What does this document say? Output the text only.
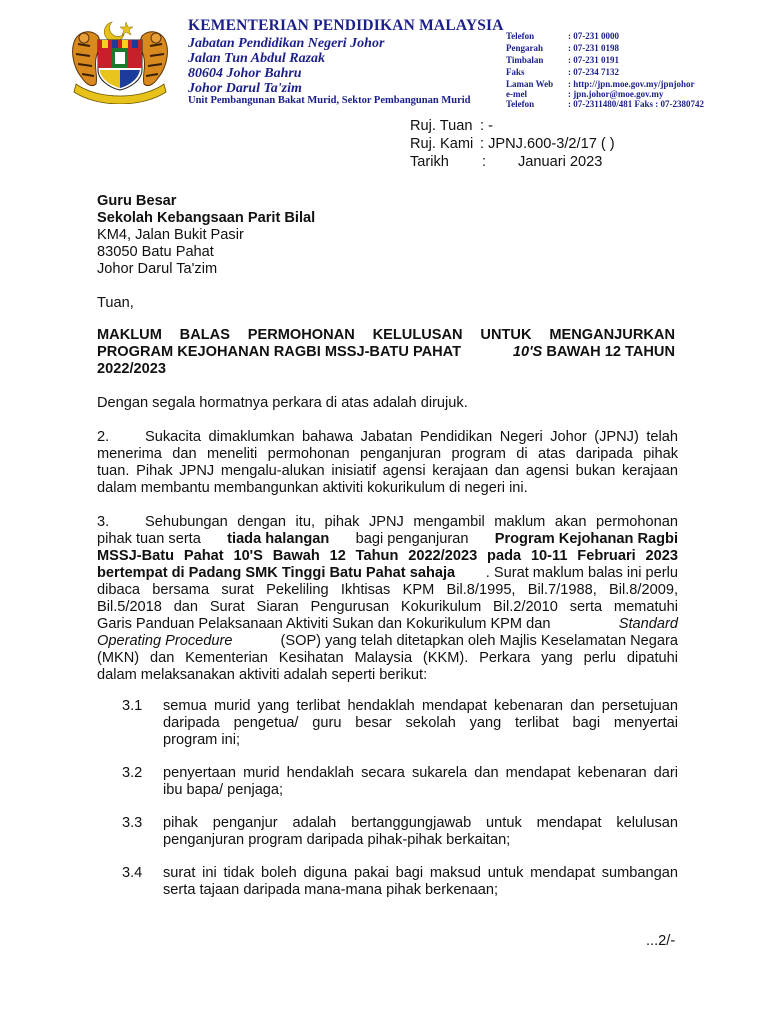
KEMENTERIAN PENDIDIKAN MALAYSIA
Jabatan Pendidikan Negeri Johor
Jalan Tun Abdul Razak
80604 Johor Bahru
Johor Darul Ta'zim
Unit Pembangunan Bakat Murid, Sektor Pembangunan Murid
Telefon	: 07-231 0000
Pengarah	: 07-231 0198
Timbalan	: 07-231 0191
Faks	: 07-234 7132
Laman Web : http://jpn.moe.gov.my/jpnjohor
e-mel	: jpn.johor@moe.gov.my
Telefon	: 07-2311480/481 Faks : 07-2380742
Ruj. Tuan : -
Ruj. Kami : JPNJ.600-3/2/17 ( )
Tarikh : Januari 2023
Guru Besar
Sekolah Kebangsaan Parit Bilal
KM4, Jalan Bukit Pasir
83050 Batu Pahat
Johor Darul Ta'zim
Tuan,
MAKLUM BALAS PERMOHONAN KELULUSAN UNTUK MENGANJURKAN
PROGRAM KEJOHANAN RAGBI MSSJ-BATU PAHAT	10'S BAWAH 12 TAHUN
2022/2023
Dengan segala hormatnya perkara di atas adalah dirujuk.
2. Sukacita dimaklumkan bahawa Jabatan Pendidikan Negeri Johor (JPNJ) telah
menerima dan meneliti permohonan penganjuran program di atas daripada pihak
tuan. Pihak JPNJ mengalu-alukan inisiatif agensi kerajaan dan agensi bukan kerajaan
dalam membantu membangunkan aktiviti kokurikulum di negeri ini.
3. Sehubungan dengan itu, pihak JPNJ mengambil maklum akan permohonan
pihak tuan serta tiada halangan bagi penganjuran Program Kejohanan Ragbi
MSSJ-Batu Pahat 10'S Bawah 12 Tahun 2022/2023 pada 10-11 Februari 2023
bertempat di Padang SMK Tinggi Batu Pahat sahaja . Surat maklum balas ini perlu
dibaca bersama surat Pekeliling Ikhtisas KPM Bil.8/1995, Bil.7/1988, Bil.8/2009,
Bil.5/2018 dan Surat Siaran Pengurusan Kokurikulum Bil.2/2010 serta mematuhi
Garis Panduan Pelaksanaan Aktiviti Sukan dan Kokurikulum KPM dan	Standard
Operating Procedure	(SOP) yang telah ditetapkan oleh Majlis Keselamatan Negara
(MKN) dan Kementerian Kesihatan Malaysia (KKM). Perkara yang perlu dipatuhi
dalam melaksanakan aktiviti adalah seperti berikut:
3.1 semua murid yang terlibat hendaklah mendapat kebenaran dan persetujuan
daripada pengetua/ guru besar sekolah yang terlibat bagi menyertai
program ini;
3.2 penyertaan murid hendaklah secara sukarela dan mendapat kebenaran dari
ibu bapa/ penjaga;
3.3 pihak penganjur adalah bertanggungjawab untuk mendapat kelulusan
penganjuran program daripada pihak-pihak berkaitan;
3.4 surat ini tidak boleh diguna pakai bagi maksud untuk mendapat sumbangan
serta tajaan daripada mana-mana pihak berkenaan;
...2/-
